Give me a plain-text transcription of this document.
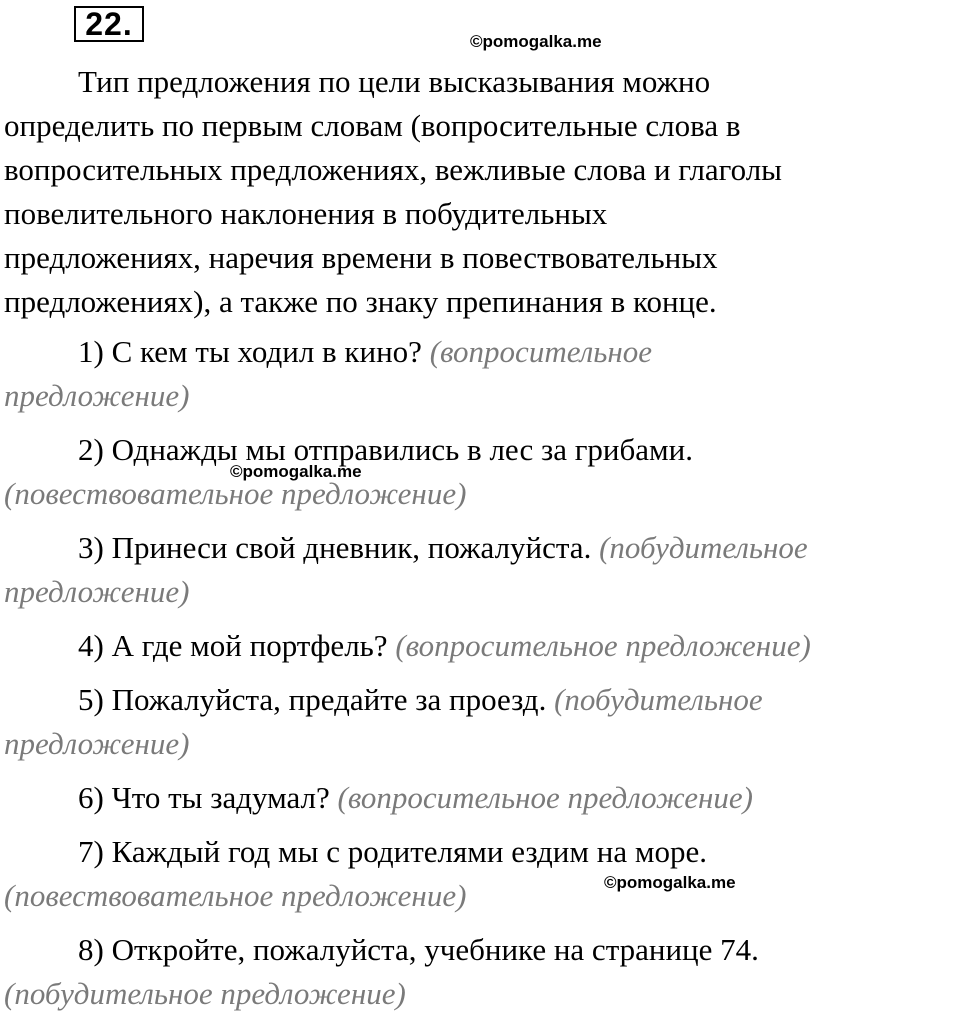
22.	©pomogalka.me
©pomogalka.me
©pomogalka.me
Тип предложения по цели высказывания можно
определить по первым словам (вопросительные слова в
вопросительных предложениях, вежливые слова и глаголы
повелительного наклонения в побудительных
предложениях, наречия времени в повествовательных
предложениях), а также по знаку препинания в конце.
1) С кем ты ходил в кино? (вопросительное
предложение)
2) Однажды мы отправились в лес за грибами.
(повествовательное предложение)
3) Принеси свой дневник, пожалуйста. (побудительное
предложение)
4) А где мой портфель? (вопросительное предложение)
5) Пожалуйста, предайте за проезд. (побудительное
предложение)
6) Что ты задумал? (вопросительное предложение)
7) Каждый год мы с родителями ездим на море.
(повествовательное предложение)
8) Откройте, пожалуйста, учебнике на странице 74.
(побудительное предложение)
